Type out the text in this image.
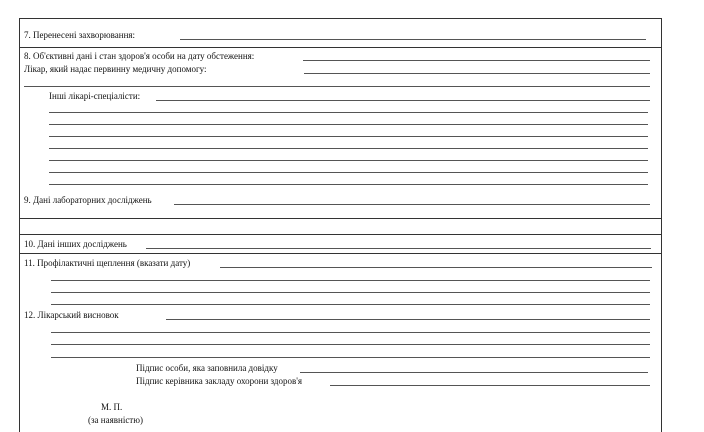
7. Перенесені захворювання:
8. Об'єктивні дані і стан здоров'я особи на дату обстеження:
Лікар, який надає первинну медичну допомогу:
Інші лікарі-спеціалісти:
9. Дані лабораторних досліджень
10. Дані інших досліджень
11. Профілактичні щеплення (вказати дату)
12. Лікарський висновок
Підпис особи, яка заповнила довідку
Підпис керівника закладу охорони здоров'я
М. П.
(за наявністю)
